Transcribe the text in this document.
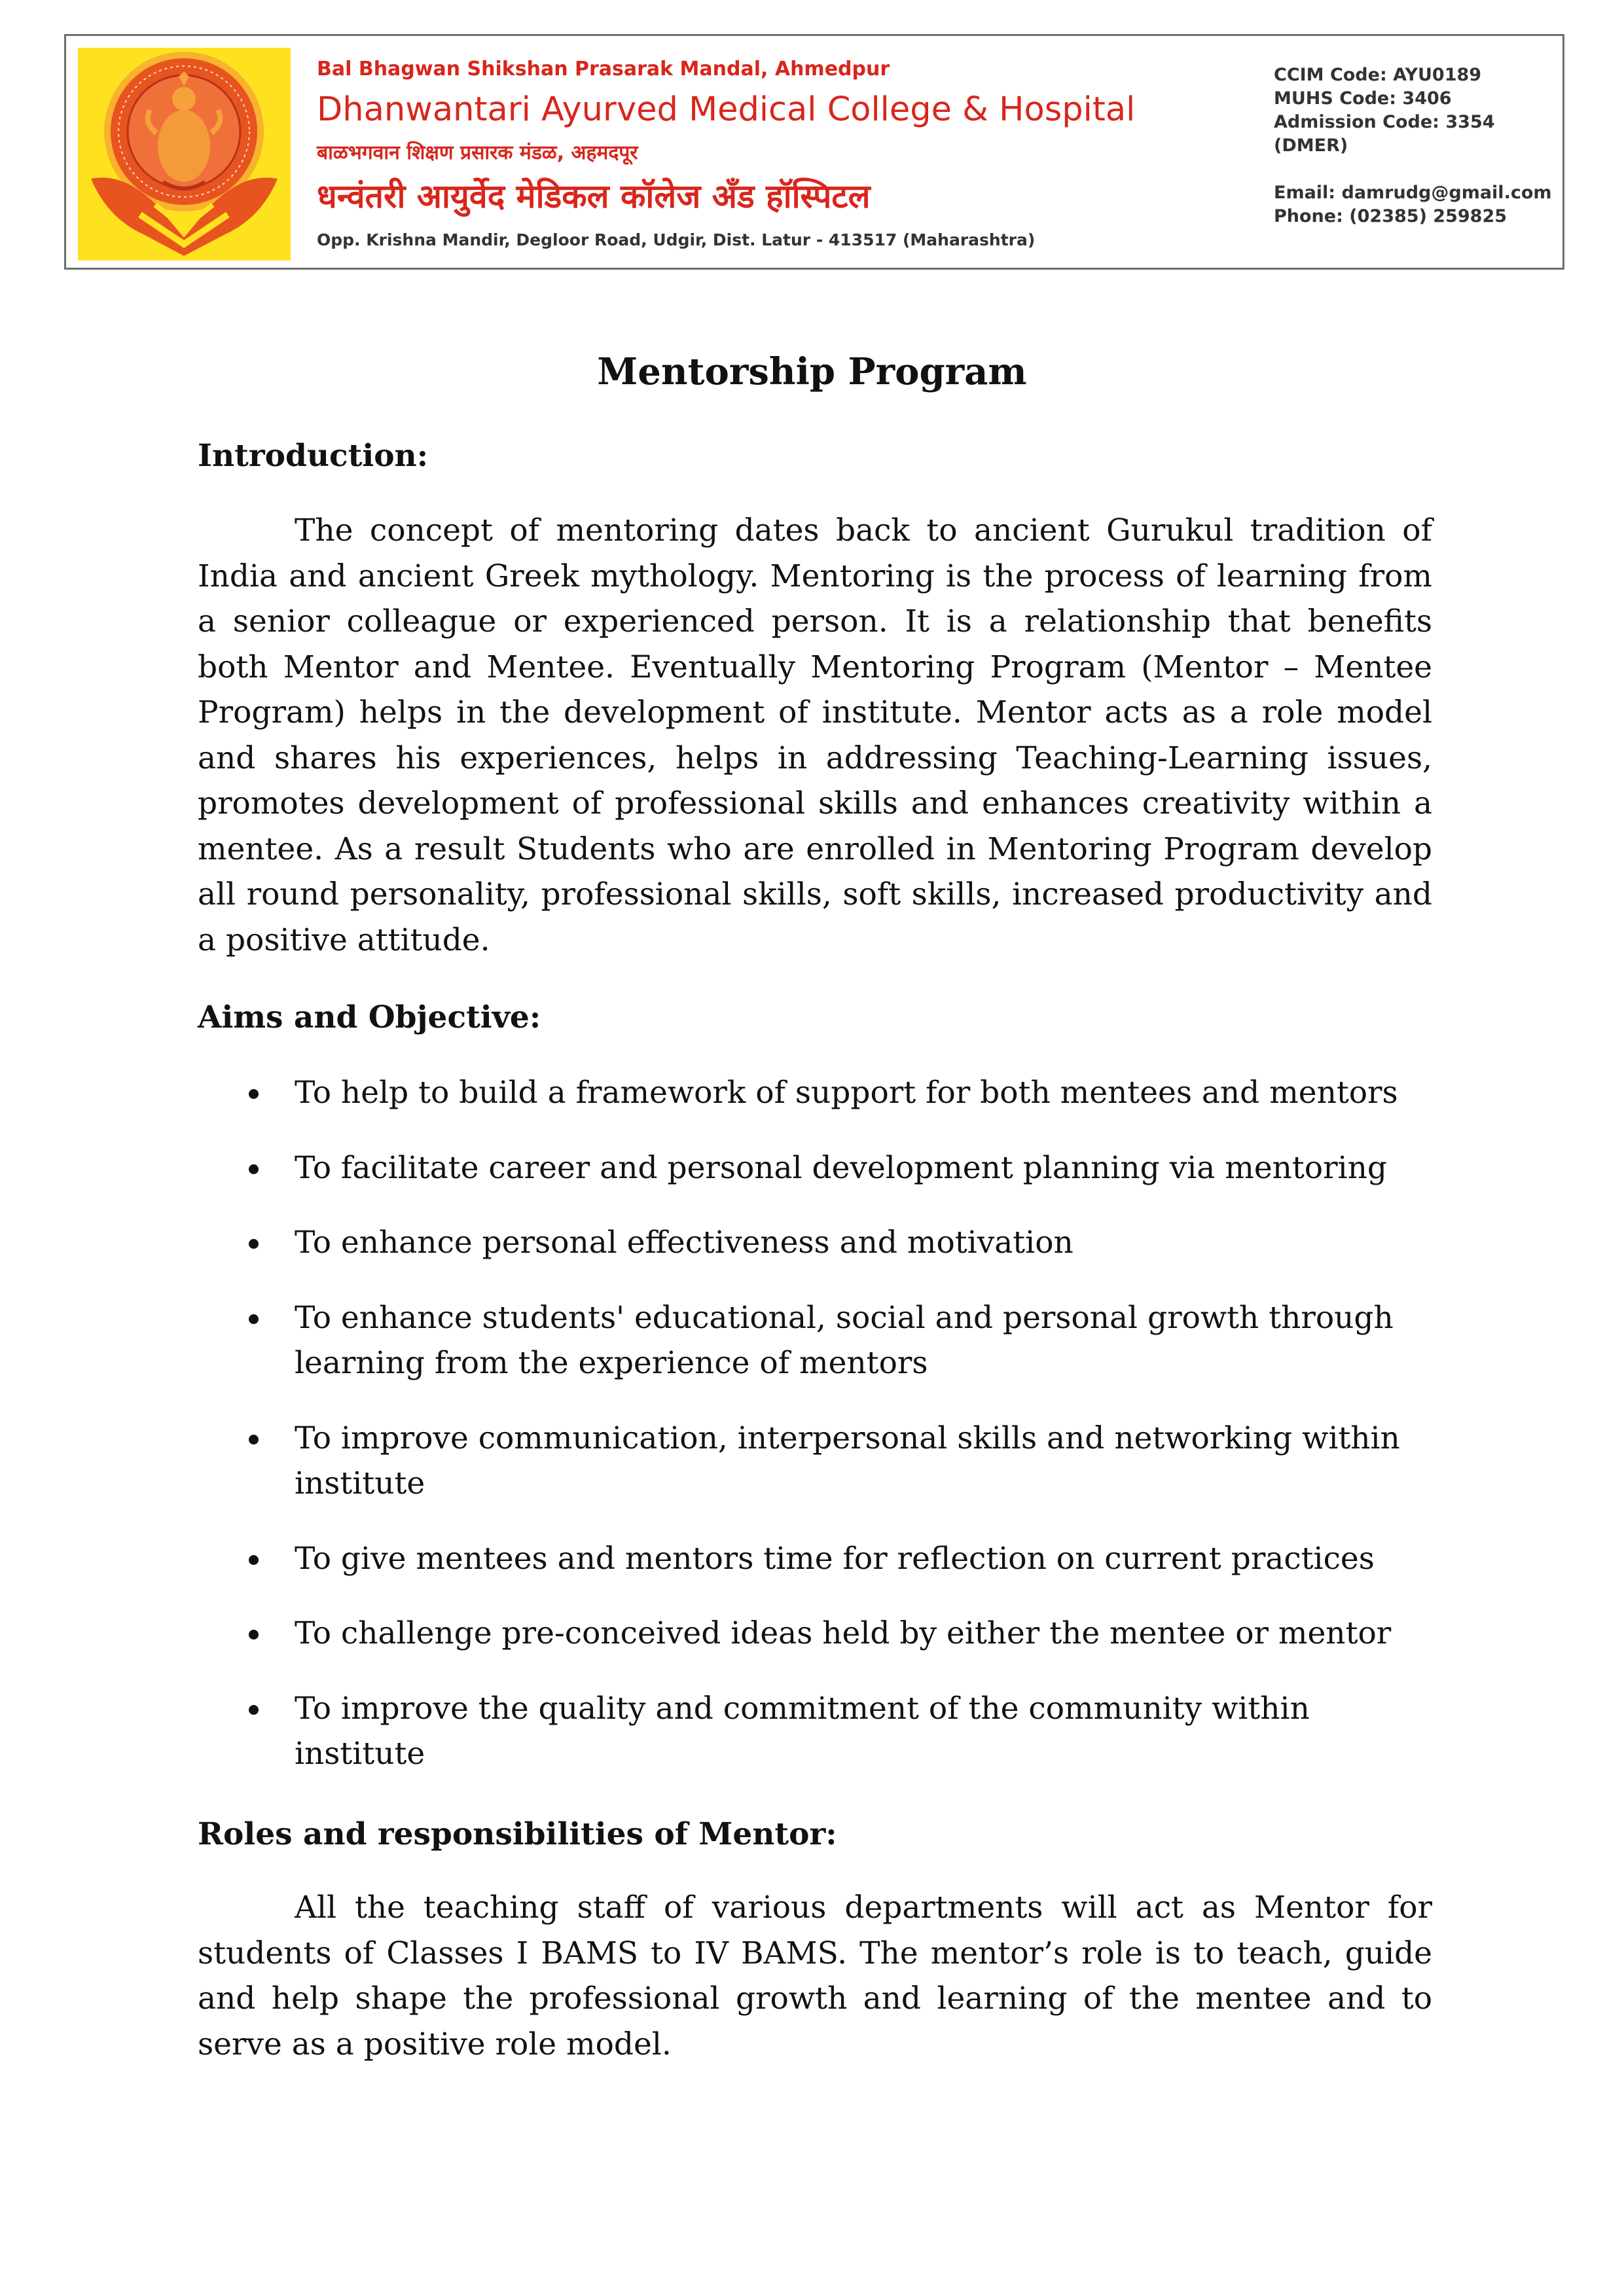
Bal Bhagwan Shikshan Prasarak Mandal, Ahmedpur
Dhanwantari Ayurved Medical College & Hospital
बाळभगवान शिक्षण प्रसारक मंडळ, अहमदपूर
धन्वंतरी आयुर्वेद मेडिकल कॉलेज अँड हॉस्पिटल
Opp. Krishna Mandir, Degloor Road, Udgir, Dist. Latur - 413517 (Maharashtra)
CCIM Code: AYU0189
MUHS Code: 3406
Admission Code: 3354
(DMER)
Email: damrudg@gmail.com
Phone: (02385) 259825
Mentorship Program
Introduction:

The concept of mentoring dates back to ancient Gurukul tradition of India and ancient Greek mythology. Mentoring is the process of learning from a senior colleague or experienced person. It is a relationship that benefits both Mentor and Mentee. Eventually Mentoring Program (Mentor – Mentee Program) helps in the development of institute. Mentor acts as a role model and shares his experiences, helps in addressing Teaching-Learning issues, promotes development of professional skills and enhances creativity within a mentee. As a result Students who are enrolled in Mentoring Program develop all round personality, professional skills, soft skills, increased productivity and a positive attitude.

Aims and Objective:
To help to build a framework of support for both mentees and mentors
To facilitate career and personal development planning via mentoring
To enhance personal effectiveness and motivation
To enhance students' educational, social and personal growth through learning from the experience of mentors
To improve communication, interpersonal skills and networking within institute
To give mentees and mentors time for reflection on current practices
To challenge pre-conceived ideas held by either the mentee or mentor
To improve the quality and commitment of the community within institute
Roles and responsibilities of Mentor:

All the teaching staff of various departments will act as Mentor for students of Classes I BAMS to IV BAMS. The mentor’s role is to teach, guide and help shape the professional growth and learning of the mentee and to serve as a positive role model.
